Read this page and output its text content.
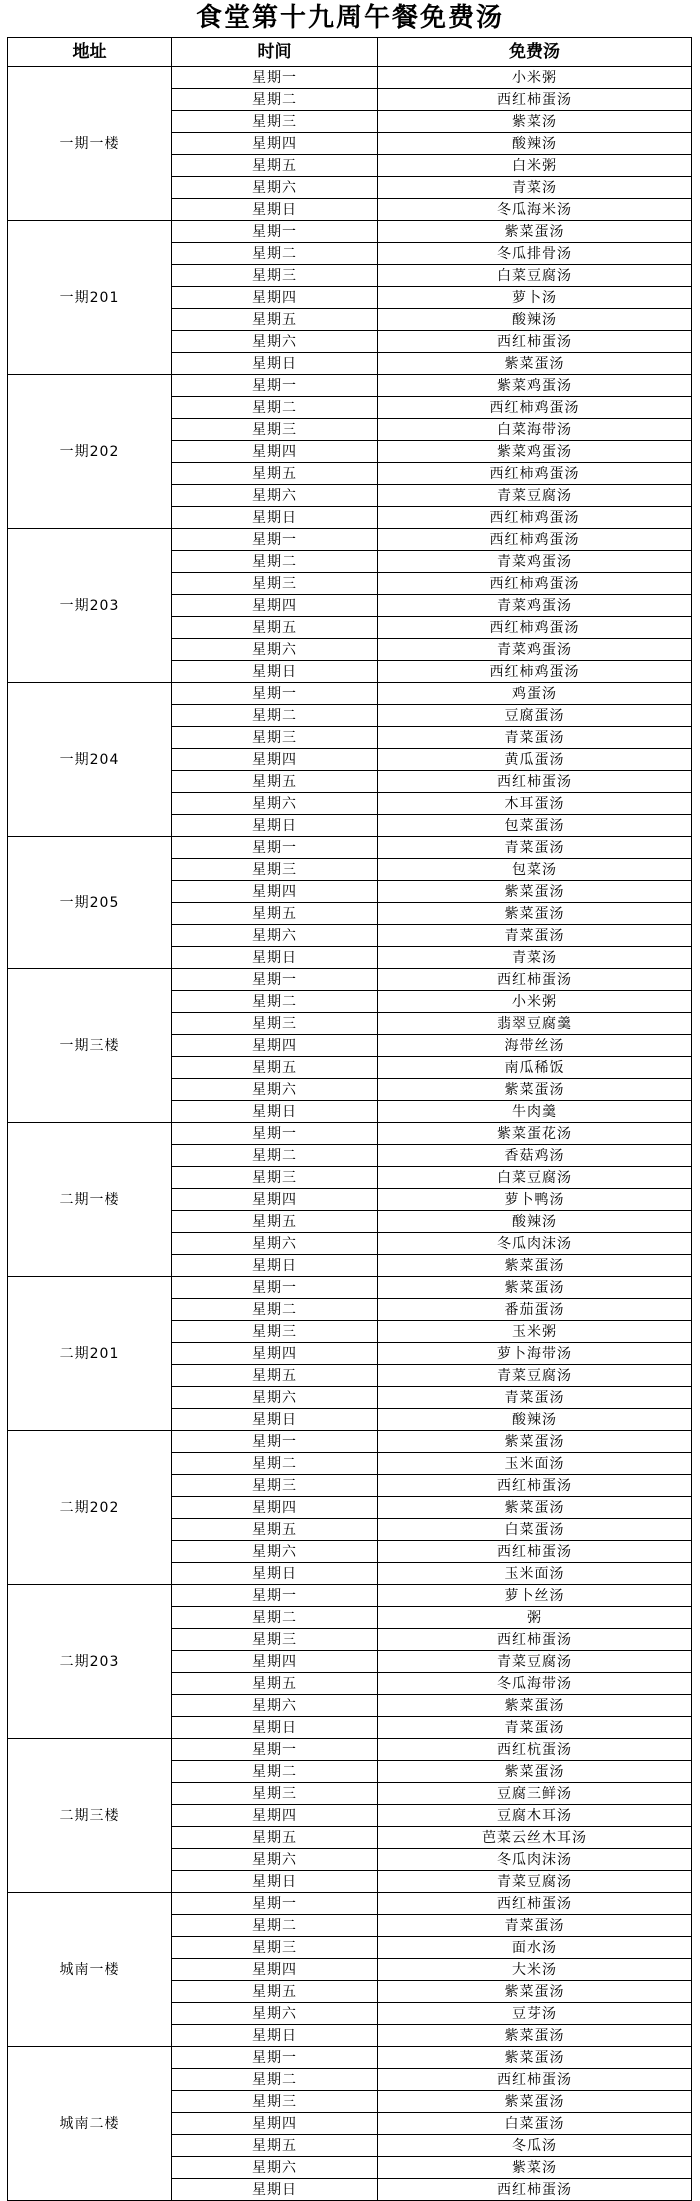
食堂第十九周午餐免费汤
地址	时间	免费汤
一期一楼	星期一	小米粥
	星期二	西红柿蛋汤
	星期三	紫菜汤
	星期四	酸辣汤
	星期五	白米粥
	星期六	青菜汤
	星期日	冬瓜海米汤
一期201	星期一	紫菜蛋汤
	星期二	冬瓜排骨汤
	星期三	白菜豆腐汤
	星期四	萝卜汤
	星期五	酸辣汤
	星期六	西红柿蛋汤
	星期日	紫菜蛋汤
一期202	星期一	紫菜鸡蛋汤
	星期二	西红柿鸡蛋汤
	星期三	白菜海带汤
	星期四	紫菜鸡蛋汤
	星期五	西红柿鸡蛋汤
	星期六	青菜豆腐汤
	星期日	西红柿鸡蛋汤
一期203	星期一	西红柿鸡蛋汤
	星期二	青菜鸡蛋汤
	星期三	西红柿鸡蛋汤
	星期四	青菜鸡蛋汤
	星期五	西红柿鸡蛋汤
	星期六	青菜鸡蛋汤
	星期日	西红柿鸡蛋汤
一期204	星期一	鸡蛋汤
	星期二	豆腐蛋汤
	星期三	青菜蛋汤
	星期四	黄瓜蛋汤
	星期五	西红柿蛋汤
	星期六	木耳蛋汤
	星期日	包菜蛋汤
一期205	星期一	青菜蛋汤
	星期三	包菜汤
	星期四	紫菜蛋汤
	星期五	紫菜蛋汤
	星期六	青菜蛋汤
	星期日	青菜汤
一期三楼	星期一	西红柿蛋汤
	星期二	小米粥
	星期三	翡翠豆腐羹
	星期四	海带丝汤
	星期五	南瓜稀饭
	星期六	紫菜蛋汤
	星期日	牛肉羹
二期一楼	星期一	紫菜蛋花汤
	星期二	香菇鸡汤
	星期三	白菜豆腐汤
	星期四	萝卜鸭汤
	星期五	酸辣汤
	星期六	冬瓜肉沫汤
	星期日	紫菜蛋汤
二期201	星期一	紫菜蛋汤
	星期二	番茄蛋汤
	星期三	玉米粥
	星期四	萝卜海带汤
	星期五	青菜豆腐汤
	星期六	青菜蛋汤
	星期日	酸辣汤
二期202	星期一	紫菜蛋汤
	星期二	玉米面汤
	星期三	西红柿蛋汤
	星期四	紫菜蛋汤
	星期五	白菜蛋汤
	星期六	西红柿蛋汤
	星期日	玉米面汤
二期203	星期一	萝卜丝汤
	星期二	粥
	星期三	西红柿蛋汤
	星期四	青菜豆腐汤
	星期五	冬瓜海带汤
	星期六	紫菜蛋汤
	星期日	青菜蛋汤
二期三楼	星期一	西红杭蛋汤
	星期二	紫菜蛋汤
	星期三	豆腐三鲜汤
	星期四	豆腐木耳汤
	星期五	芭菜云丝木耳汤
	星期六	冬瓜肉沫汤
	星期日	青菜豆腐汤
城南一楼	星期一	西红柿蛋汤
	星期二	青菜蛋汤
	星期三	面水汤
	星期四	大米汤
	星期五	紫菜蛋汤
	星期六	豆芽汤
	星期日	紫菜蛋汤
城南二楼	星期一	紫菜蛋汤
	星期二	西红柿蛋汤
	星期三	紫菜蛋汤
	星期四	白菜蛋汤
	星期五	冬瓜汤
	星期六	紫菜汤
	星期日	西红柿蛋汤
